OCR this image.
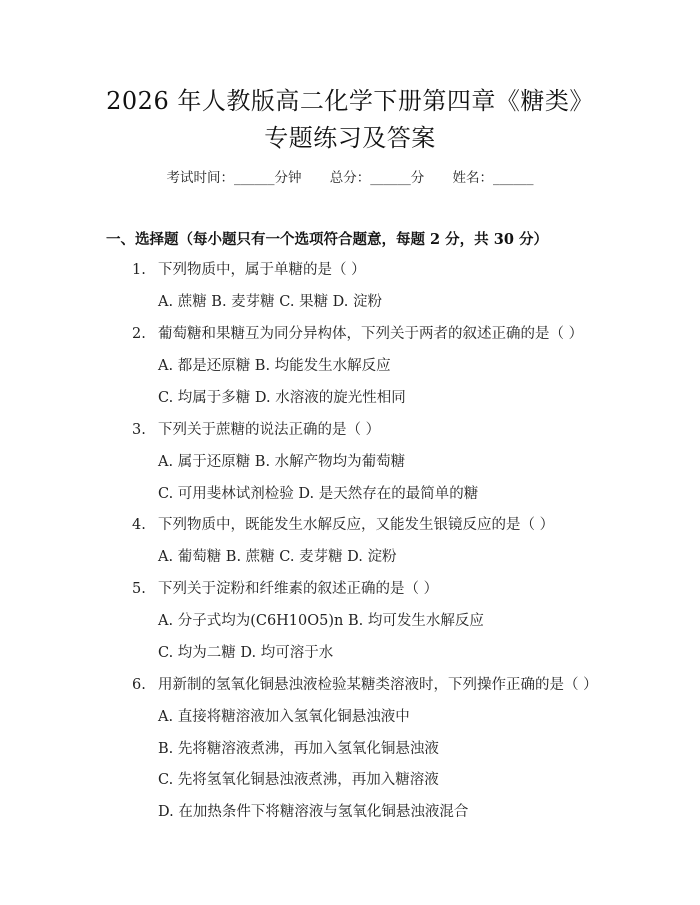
2026 年人教版高二化学下册第四章《糖类》
专题练习及答案
考试时间：______分钟 总分：______分 姓名：______
一、选择题（每小题只有一个选项符合题意，每题 2 分，共 30 分）
1. 下列物质中，属于单糖的是（ ）
A. 蔗糖 B. 麦芽糖 C. 果糖 D. 淀粉
2. 葡萄糖和果糖互为同分异构体，下列关于两者的叙述正确的是（ ）
A. 都是还原糖 B. 均能发生水解反应
C. 均属于多糖 D. 水溶液的旋光性相同
3. 下列关于蔗糖的说法正确的是（ ）
A. 属于还原糖 B. 水解产物均为葡萄糖
C. 可用斐林试剂检验 D. 是天然存在的最简单的糖
4. 下列物质中，既能发生水解反应，又能发生银镜反应的是（ ）
A. 葡萄糖 B. 蔗糖 C. 麦芽糖 D. 淀粉
5. 下列关于淀粉和纤维素的叙述正确的是（ ）
A. 分子式均为(C6H10O5)n B. 均可发生水解反应
C. 均为二糖 D. 均可溶于水
6. 用新制的氢氧化铜悬浊液检验某糖类溶液时，下列操作正确的是（ ）
A. 直接将糖溶液加入氢氧化铜悬浊液中
B. 先将糖溶液煮沸，再加入氢氧化铜悬浊液
C. 先将氢氧化铜悬浊液煮沸，再加入糖溶液
D. 在加热条件下将糖溶液与氢氧化铜悬浊液混合
